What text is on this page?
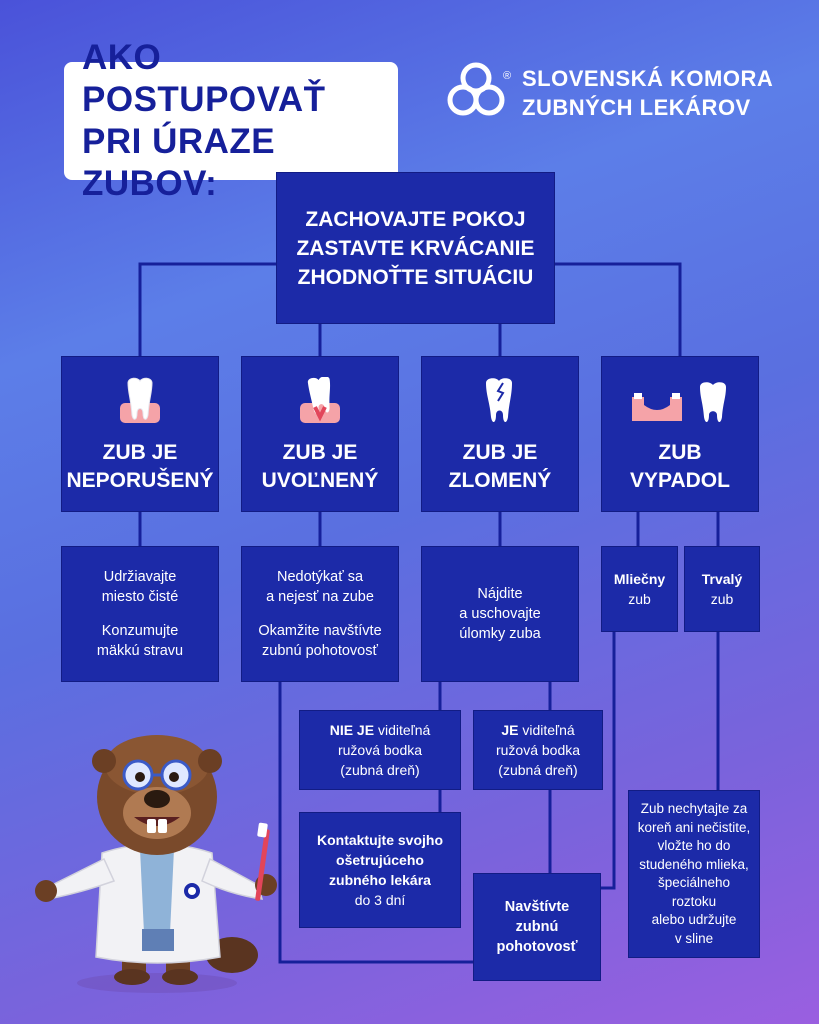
AKO POSTUPOVAŤ
PRI ÚRAZE ZUBOV:
® SLOVENSKÁ KOMORA
ZUBNÝCH LEKÁROV
ZACHOVAJTE POKOJ
ZASTAVTE KRVÁCANIE
ZHODNOŤTE SITUÁCIU
ZUB JE
NEPORUŠENÝ
ZUB JE
UVOĽNENÝ
ZUB JE
ZLOMENÝ
ZUB
VYPADOL

Udržiavajte

miesto čisté

Konzumujte

mäkkú stravu

Nedotýkať sa

a nejesť na zube

Okamžite navštívte

zubnú pohotovosť

Nájdite

a uschovajte

úlomky zuba

Mliečny
zub
Trvalý
zub
NIE JE viditeľná
ružová bodka
(zubná dreň)
JE viditeľná
ružová bodka
(zubná dreň)
Kontaktujte svojho
ošetrujúceho
zubného lekára
do 3 dní	Navštívte
zubnú
pohotovosť
Zub nechytajte za
koreň ani nečistite,
vložte ho do
studeného mlieka,
špeciálneho
roztoku
alebo udržujte
v sline
